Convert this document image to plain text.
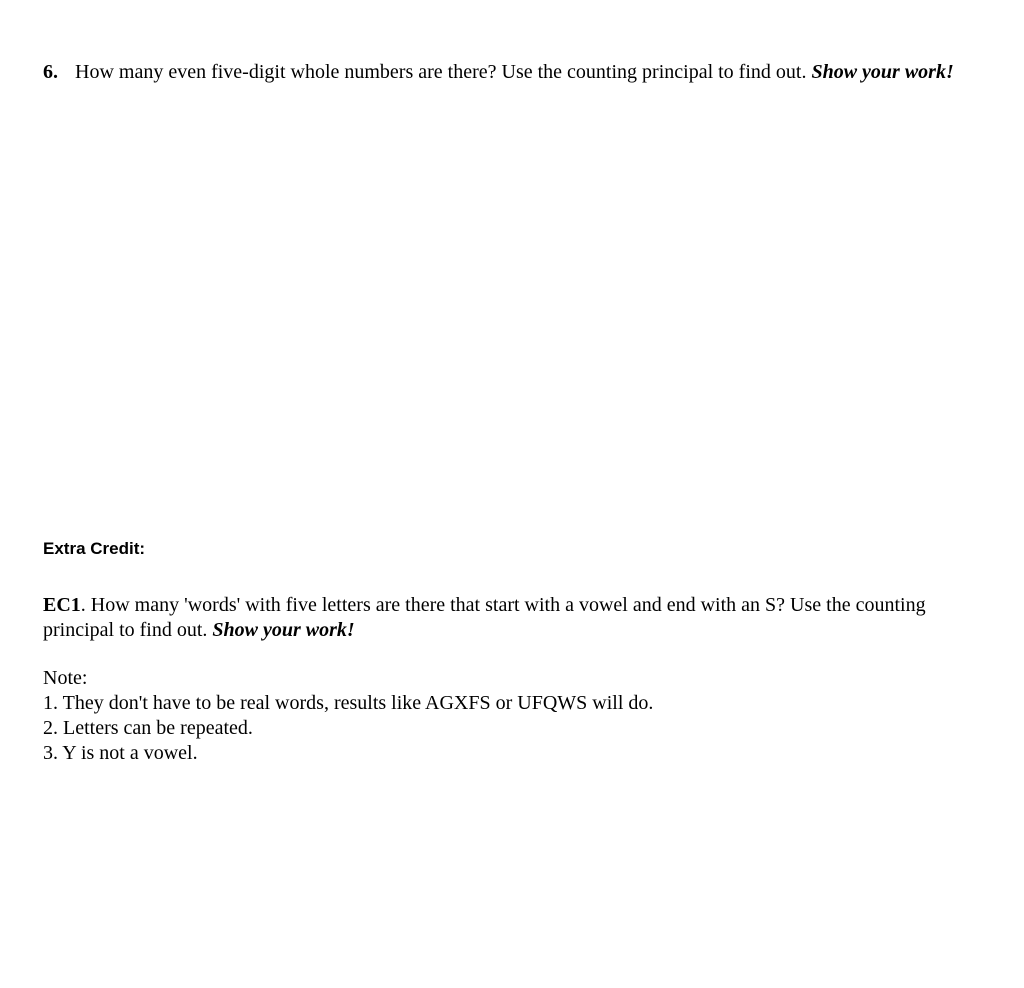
6. How many even five-digit whole numbers are there? Use the counting principal to find out. Show your work!
Extra Credit:
EC1. How many 'words' with five letters are there that start with a vowel and end with an S? Use the counting principal to find out. Show your work!
Note:
1. They don't have to be real words, results like AGXFS or UFQWS will do.
2. Letters can be repeated.
3. Y is not a vowel.
